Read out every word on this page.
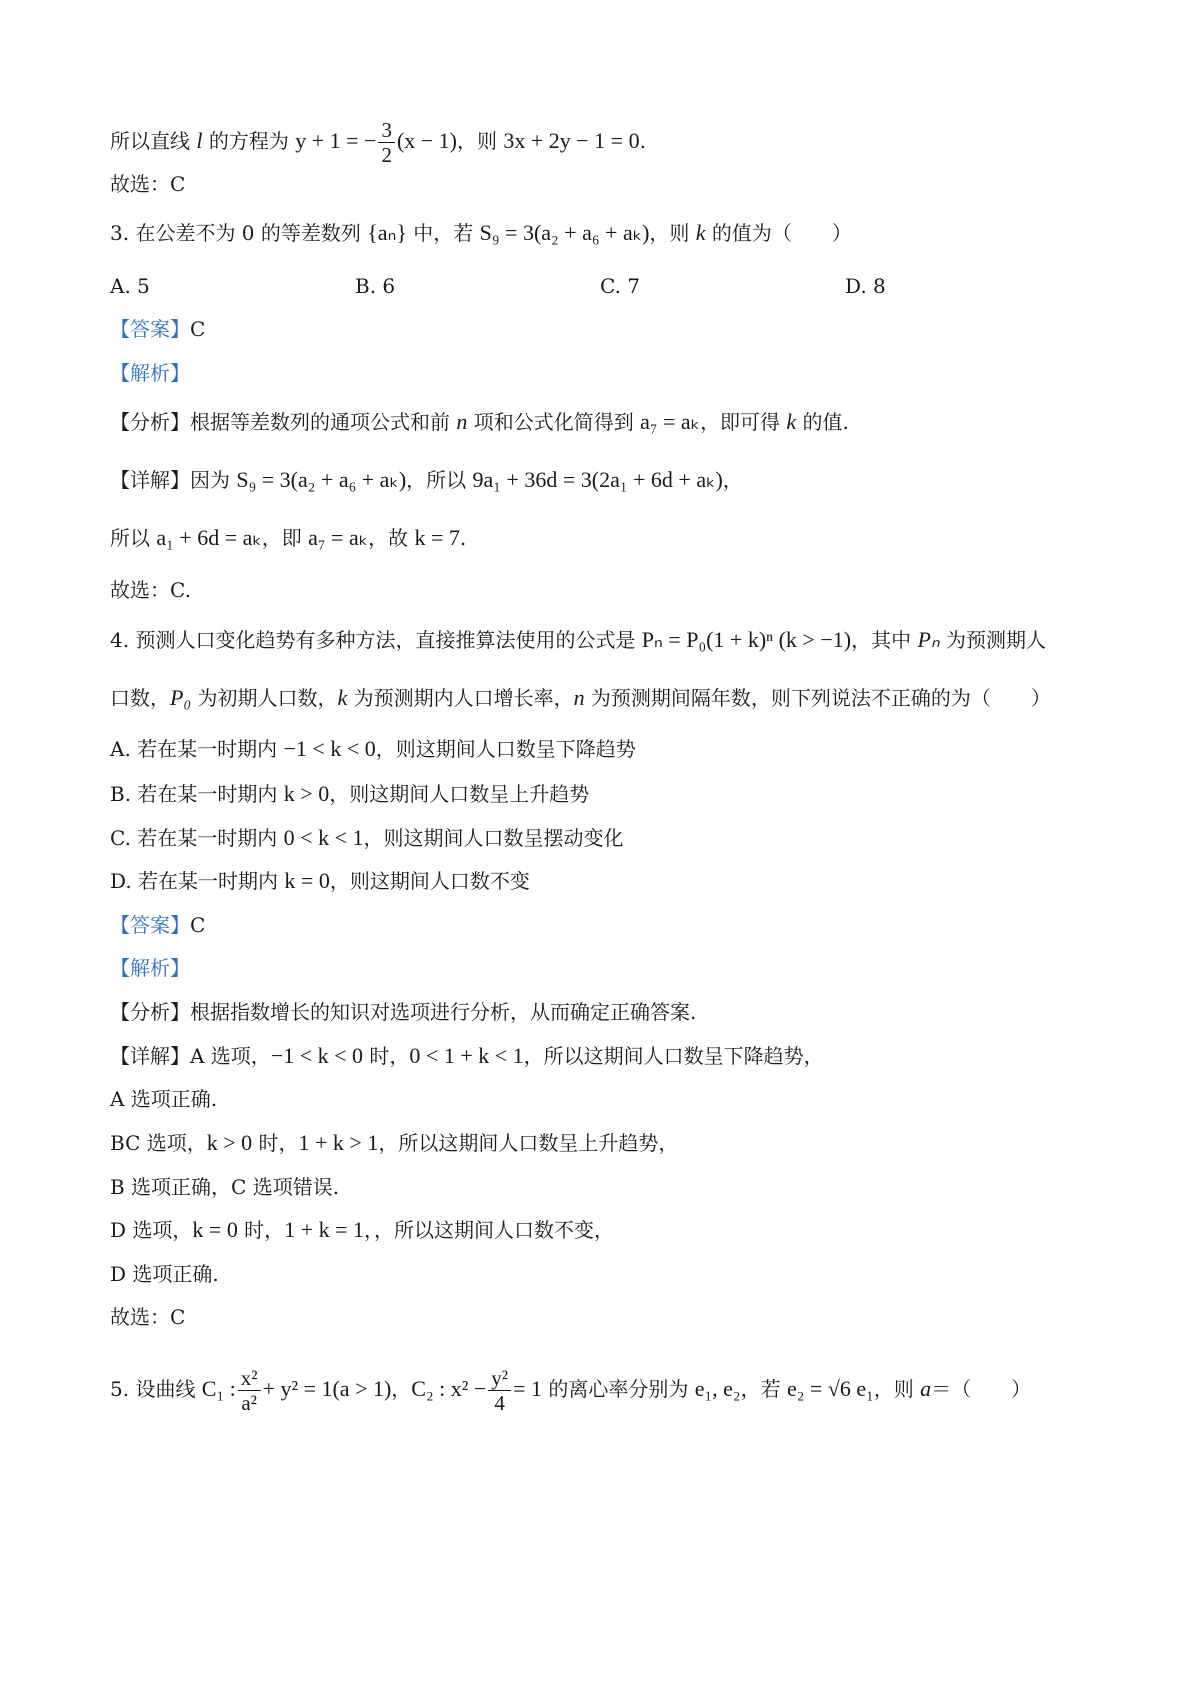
所以直线 l 的方程为 y + 1 = − $\frac{3}{2} (x - 1)$，则 3x + 2y − 1 = 0.
故选：C
3. 在公差不为 0 的等差数列 {aₙ} 中，若 S₉ = 3(a₂ + a₆ + aₖ)，则 k 的值为（　　）
A. 5	B. 6	C. 7	D. 8
【答案】C
【解析】
【分析】根据等差数列的通项公式和前 n 项和公式化简得到 a₇ = aₖ，即可得 k 的值.
【详解】因为 S₉ = 3(a₂ + a₆ + aₖ)，所以 9a₁ + 36d = 3(2a₁ + 6d + aₖ)，
所以 a₁ + 6d = aₖ，即 a₇ = aₖ，故 k = 7.
故选：C.
4. 预测人口变化趋势有多种方法，直接推算法使用的公式是 Pₙ = P₀(1 + k)ⁿ (k > −1)，其中 Pₙ 为预测期人
口数，P₀ 为初期人口数，k 为预测期内人口增长率，n 为预测期间隔年数，则下列说法不正确的为（　　）
A. 若在某一时期内 −1 < k < 0，则这期间人口数呈下降趋势
B. 若在某一时期内 k > 0，则这期间人口数呈上升趋势
C. 若在某一时期内 0 < k < 1，则这期间人口数呈摆动变化
D. 若在某一时期内 k = 0，则这期间人口数不变
【答案】C
【解析】
【分析】根据指数增长的知识对选项进行分析，从而确定正确答案.
【详解】A 选项，−1 < k < 0 时，0 < 1 + k < 1，所以这期间人口数呈下降趋势，
A 选项正确.
BC 选项，k > 0 时，1 + k > 1，所以这期间人口数呈上升趋势，
B 选项正确，C 选项错误.
D 选项，k = 0 时，1 + k = 1，，所以这期间人口数不变，
D 选项正确.
故选：C
5. 设曲线 C₁ : $\frac{\text{x²}}{\text{a²}} + y^2 = 1(a > 1)$，C₂ : $x^2 - \frac{\text{y²}}{4} = 1$ 的离心率分别为 e₁, e₂，若 e₂ = √6 e₁，则 a＝（　　）
